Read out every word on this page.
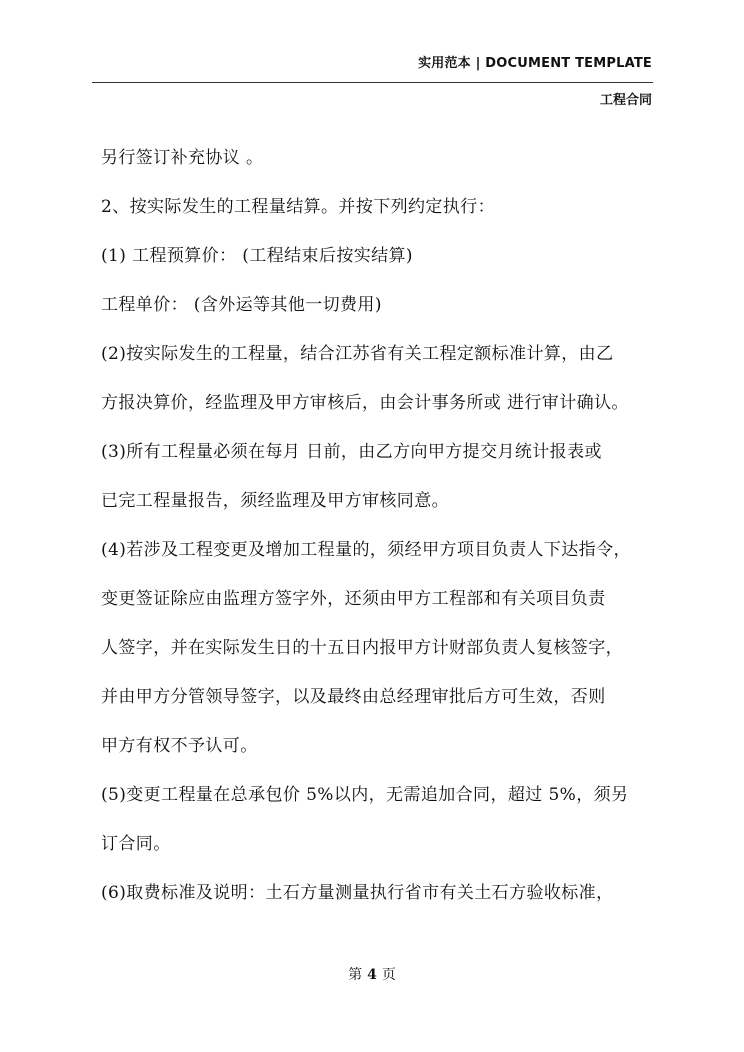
实用范本 | DOCUMENT TEMPLATE
工程合同
另行签订补充协议 。
2、按实际发生的工程量结算。并按下列约定执行：
(1) 工程预算价： (工程结束后按实结算)
工程单价： (含外运等其他一切费用)
(2)按实际发生的工程量，结合江苏省有关工程定额标准计算，由乙
方报决算价，经监理及甲方审核后，由会计事务所或 进行审计确认。
(3)所有工程量必须在每月 日前，由乙方向甲方提交月统计报表或
已完工程量报告，须经监理及甲方审核同意。
(4)若涉及工程变更及增加工程量的，须经甲方项目负责人下达指令，
变更签证除应由监理方签字外，还须由甲方工程部和有关项目负责
人签字，并在实际发生日的十五日内报甲方计财部负责人复核签字，
并由甲方分管领导签字，以及最终由总经理审批后方可生效，否则
甲方有权不予认可。
(5)变更工程量在总承包价 5%以内，无需追加合同，超过 5%，须另
订合同。
(6)取费标准及说明：土石方量测量执行省市有关土石方验收标准，
第 4 页
